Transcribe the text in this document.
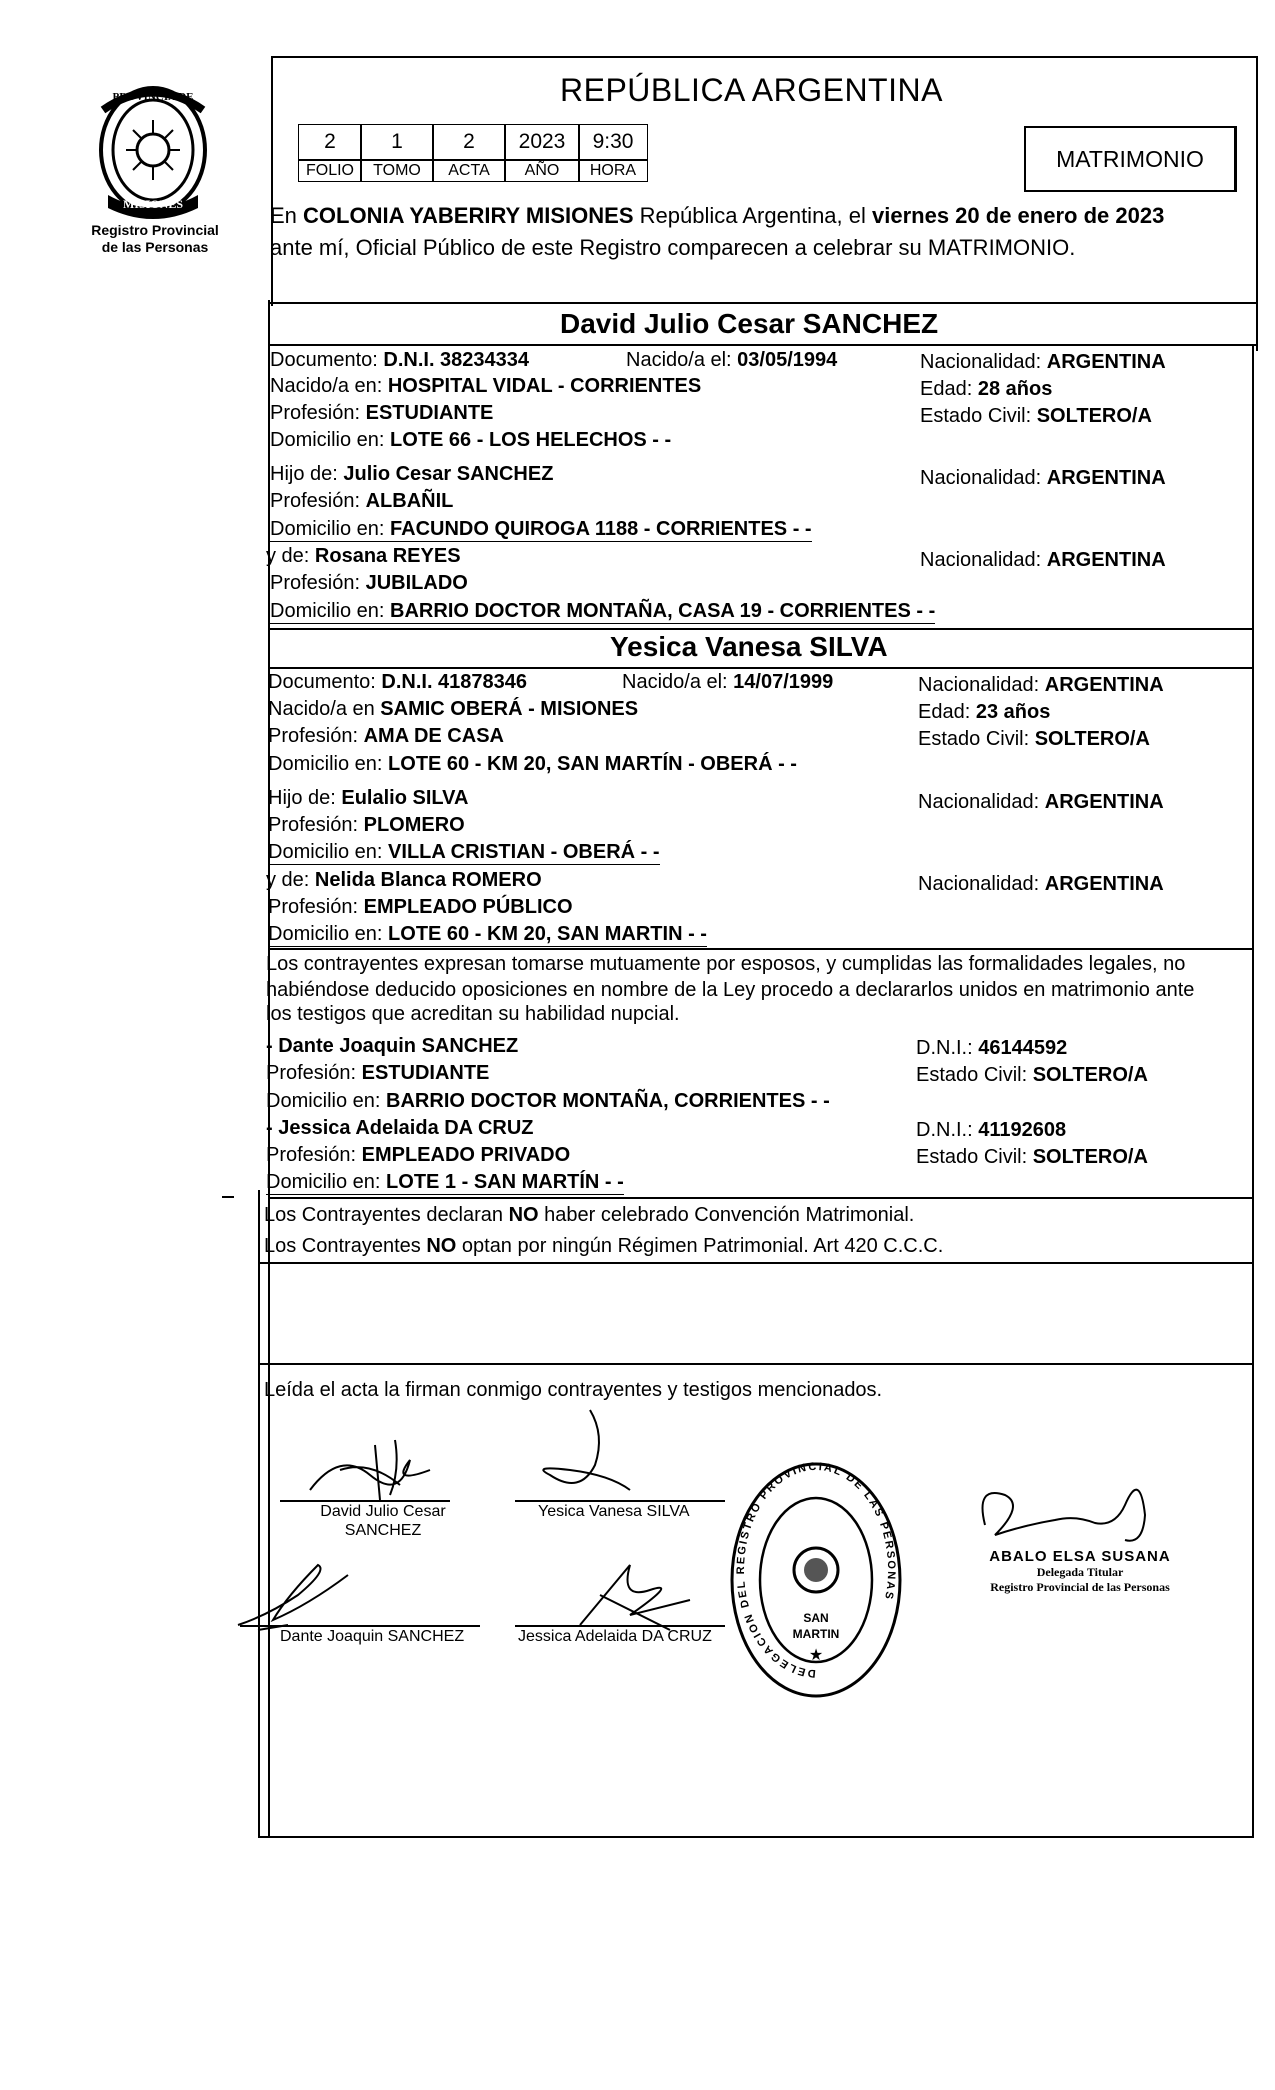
PROVINCIA DE
MISIONES
Registro Provincial
de las Personas
REPÚBLICA ARGENTINA
2	1	2	2023	9:30
FOLIO	TOMO	ACTA	AÑO	HORA	MATRIMONIO
En COLONIA YABERIRY MISIONES República Argentina, el viernes 20 de enero de 2023
ante mí, Oficial Público de este Registro comparecen a celebrar su MATRIMONIO.
David Julio Cesar SANCHEZ
Documento: D.N.I. 38234334	Nacido/a el: 03/05/1994	Nacionalidad: ARGENTINA
Nacido/a en: HOSPITAL VIDAL - CORRIENTES	Edad: 28 años
Profesión: ESTUDIANTE	Estado Civil: SOLTERO/A
Domicilio en: LOTE 66 - LOS HELECHOS - -
Hijo de: Julio Cesar SANCHEZ	Nacionalidad: ARGENTINA
Profesión: ALBAÑIL
Domicilio en: FACUNDO QUIROGA 1188 - CORRIENTES - -
y de: Rosana REYES	Nacionalidad: ARGENTINA
Profesión: JUBILADO
Domicilio en: BARRIO DOCTOR MONTAÑA, CASA 19 - CORRIENTES - -
Yesica Vanesa SILVA
Documento: D.N.I. 41878346	Nacido/a el: 14/07/1999	Nacionalidad: ARGENTINA
Nacido/a en SAMIC OBERÁ - MISIONES	Edad: 23 años
Profesión: AMA DE CASA	Estado Civil: SOLTERO/A
Domicilio en: LOTE 60 - KM 20, SAN MARTÍN - OBERÁ - -
Hijo de: Eulalio SILVA	Nacionalidad: ARGENTINA
Profesión: PLOMERO
Domicilio en: VILLA CRISTIAN - OBERÁ - -
y de: Nelida Blanca ROMERO	Nacionalidad: ARGENTINA
Profesión: EMPLEADO PÚBLICO
Domicilio en: LOTE 60 - KM 20, SAN MARTIN - -
Los contrayentes expresan tomarse mutuamente por esposos, y cumplidas las formalidades legales, no
habiéndose deducido oposiciones en nombre de la Ley procedo a declararlos unidos en matrimonio ante
los testigos que acreditan su habilidad nupcial.
- Dante Joaquin SANCHEZ	D.N.I.: 46144592
Profesión: ESTUDIANTE	Estado Civil: SOLTERO/A
Domicilio en: BARRIO DOCTOR MONTAÑA, CORRIENTES - -
- Jessica Adelaida DA CRUZ	D.N.I.: 41192608
Profesión: EMPLEADO PRIVADO	Estado Civil: SOLTERO/A
Domicilio en: LOTE 1 - SAN MARTÍN - -
Los Contrayentes declaran NO haber celebrado Convención Matrimonial.
Los Contrayentes NO optan por ningún Régimen Patrimonial. Art 420 C.C.C.
Leída el acta la firman conmigo contrayentes y testigos mencionados.
David Julio Cesar
SANCHEZ
Yesica Vanesa SILVA
Dante Joaquin SANCHEZ	Jessica Adelaida DA CRUZ
DELEGACION DEL REGISTRO PROVINCIAL DE LAS PERSONAS
SAN
MARTIN
★
ABALO ELSA SUSANA
Delegada Titular
Registro Provincial de las Personas
